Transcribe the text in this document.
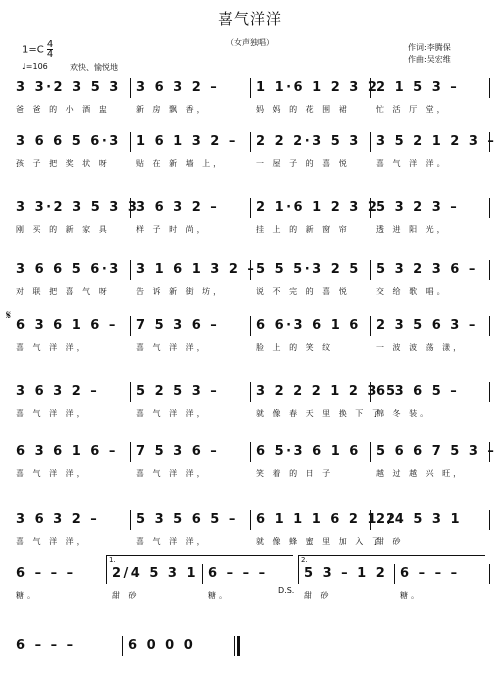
喜气洋洋
（女声独唱）
$1=C \frac{4}{4}$
♩=106	欢快、愉悦地
作词:李腾保
作曲:吴宏维
3 3·2 3 5 3
爸 爸 的 小 酒 盅
3 6 3 2 –
新 房 飘 香，
1 1·6 1 2 3 2
妈 妈 的 花 围 裙
2 1 5 3 –
忙 活 厅 堂，
3 6 6 5 6·3
孩 子 把 奖 状 呀
1 6 1 3 2 –
贴 在 新 墙 上，
2 2 2·3 5 3
一 屋 子 的 喜 悦
3 5 2 1 2 3 –
喜 气 洋 洋。
3 3·2 3 5 3 3
刚 买 的 新 家 具
3 6 3 2 –
样 子 时 尚，
2 1·6 1 2 3 2
挂 上 的 新 窗 帘
5 3 2 3 –
透 进 阳 光，
3 6 6 5 6·3
对 联 把 喜 气 呀
3 1 6 1 3 2 –
告 诉 新 街 坊，
5 5 5·3 2 5
说 不 完 的 喜 悦
5 3 2 3 6 –
交 给 歌 唱。
6 3 6 1 6 –
喜 气 洋 洋，
7 5 3 6 –
喜 气 洋 洋，
6 6·3 6 1 6
脸 上 的 笑 纹
2 3 5 6 3 –
一 波 波 荡 漾，
𝄋
3 6 3 2 –
喜 气 洋 洋，
5 2 5 3 –
喜 气 洋 洋，
3 2 2 2 1 2 3 5
就 像 春 天 里 换 下 了
6 3 6 5 –
棉 冬 装。
6 3 6 1 6 –
喜 气 洋 洋，
7 5 3 6 –
喜 气 洋 洋，
6 5·3 6 1 6
笑 着 的 日 子
5 6 6 7 5 3 –
越 过 越 兴 旺，
3 6 3 2 –
喜 气 洋 洋，
5 3 5 6 5 –
喜 气 洋 洋，
6 1 1 1 6 2 1 2
就 像 蜂 蜜 里 加 入 了
2/4 5 3 1
甜 砂
6 – – –
糖。
2/4 5 3 1
甜 砂
6 – – –
糖。
5 3 – 1 2
甜 砂
6 – – –
糖。
1.	2.
D.S.
6 – – –	6 0 0 0
